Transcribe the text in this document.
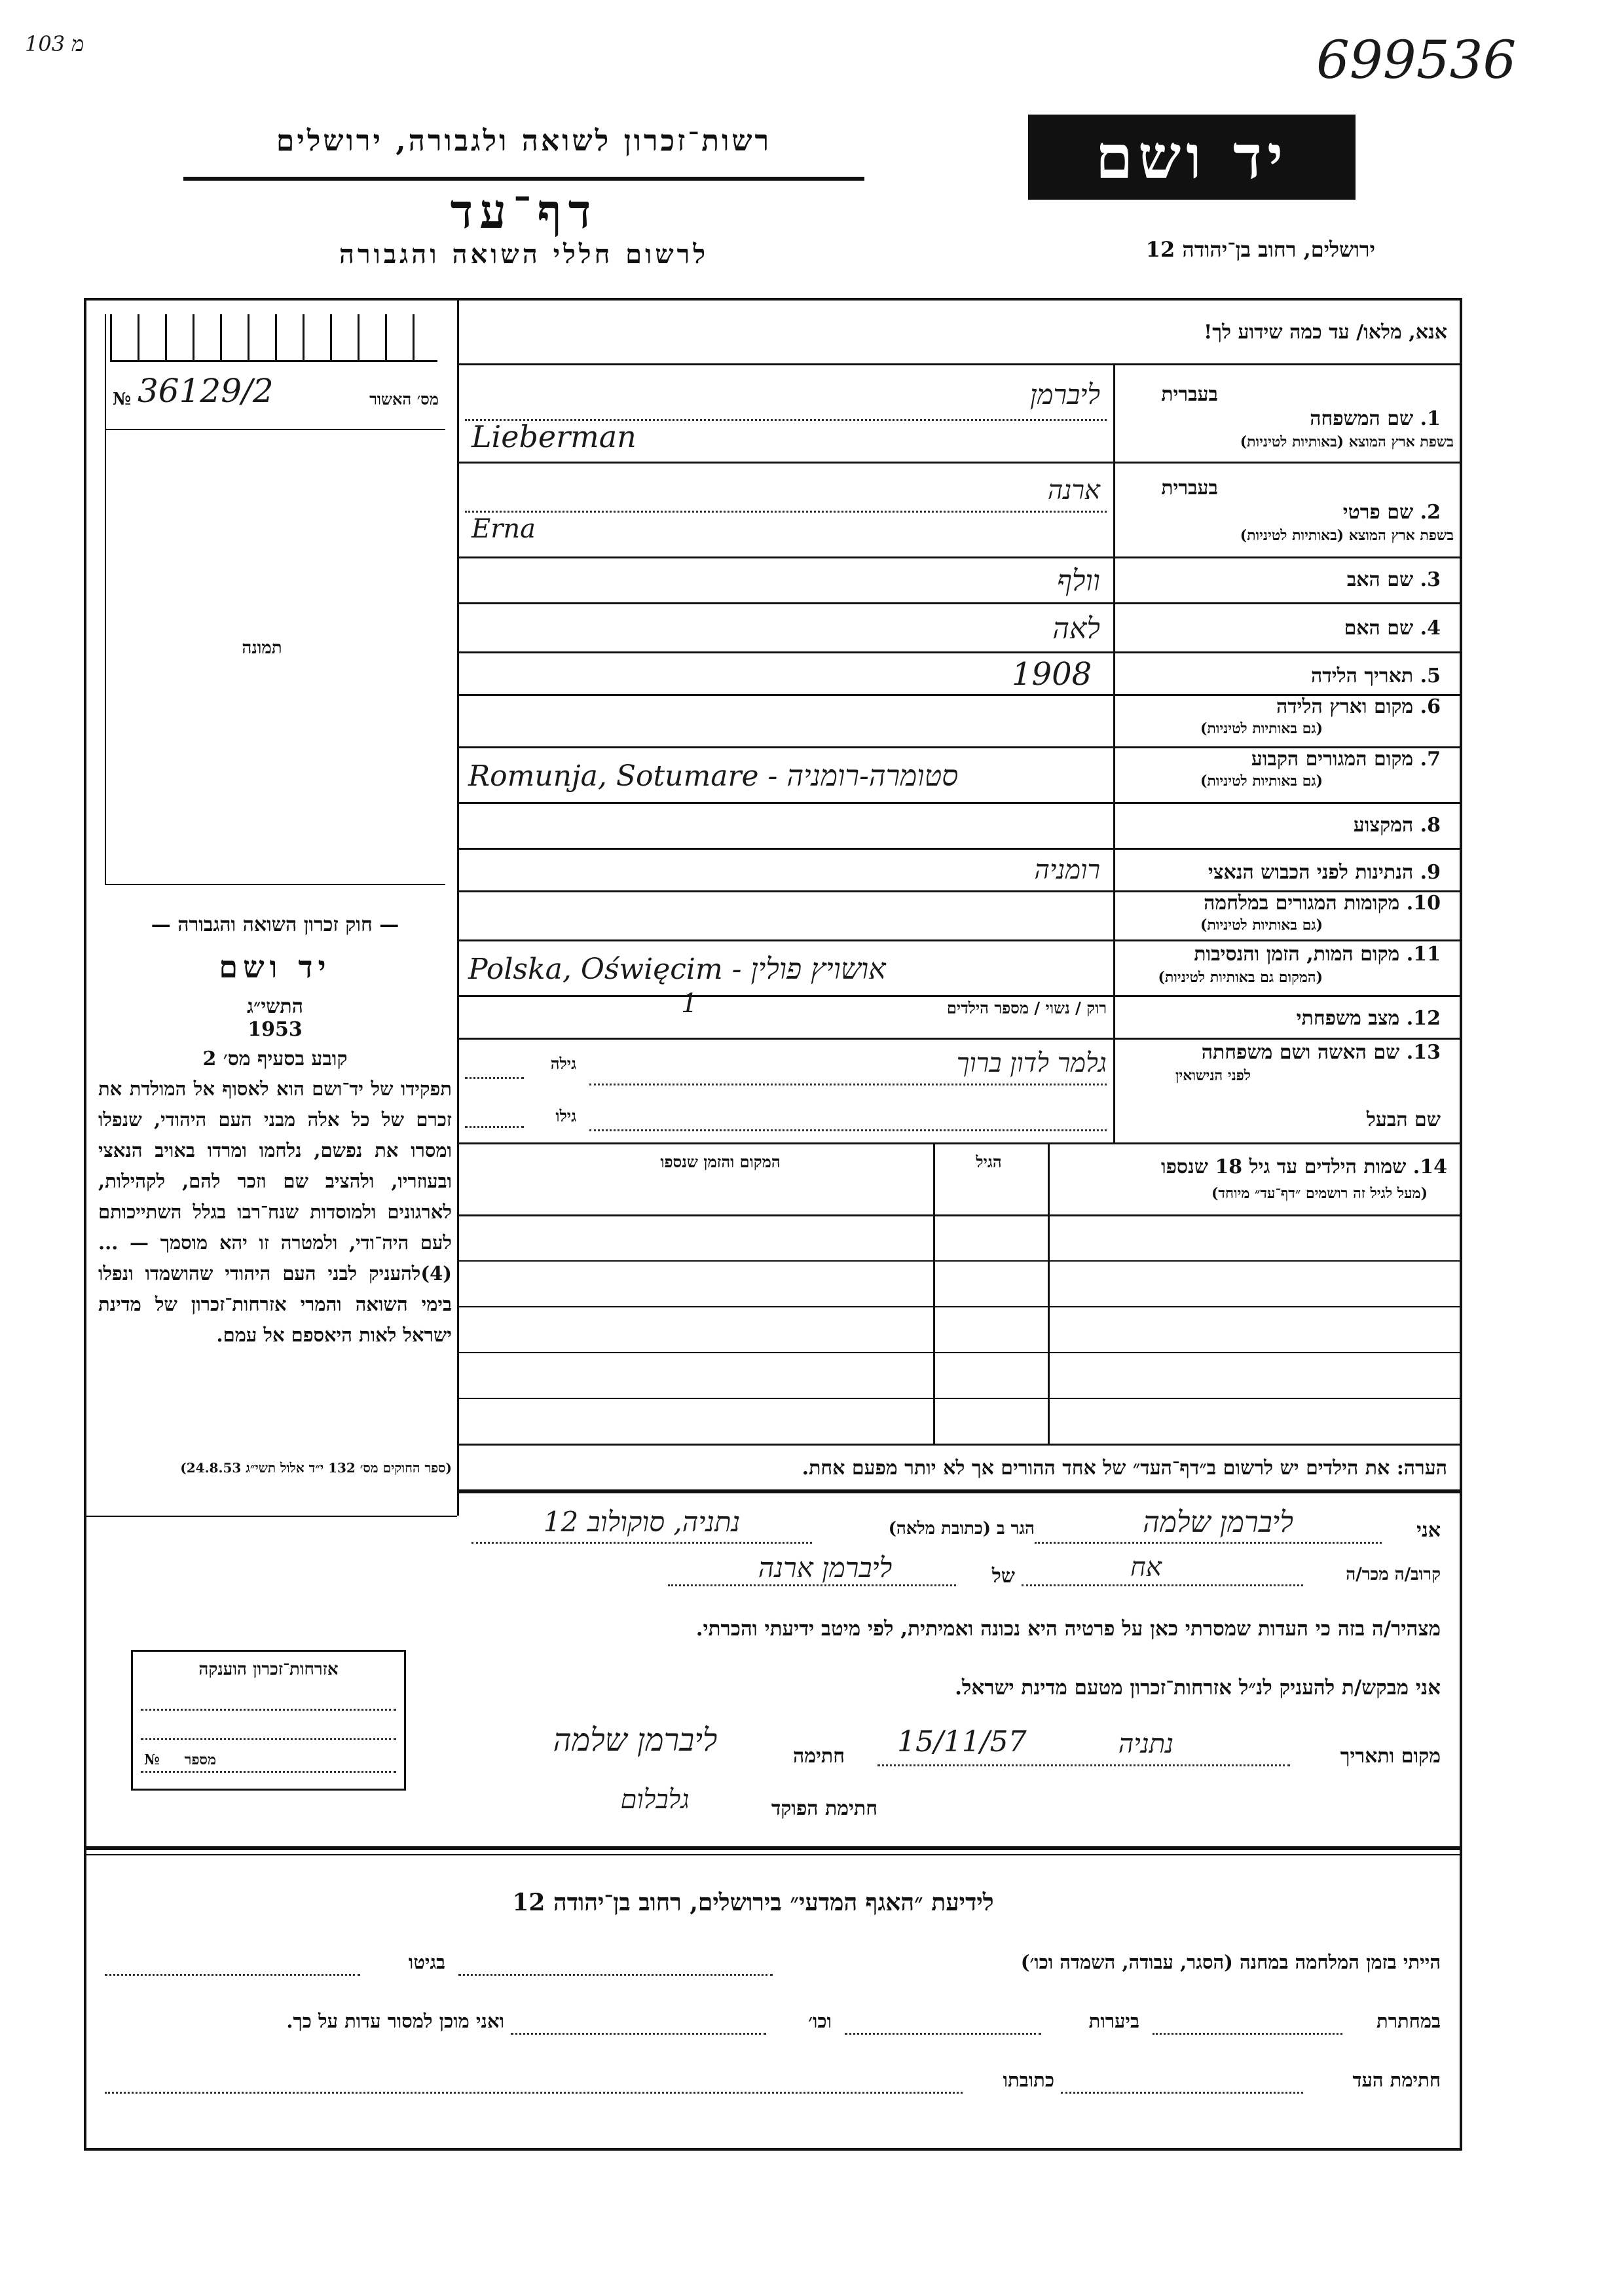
103 מ	699536
רשות־זכרון לשואה ולגבורה, ירושלים
דף־עד
לרשום חללי השואה והגבורה
יד ושם
ירושלים, רחוב בן־יהודה 12
מס׳ האשור
36129/2
№
תמונה
אנא, מלאו/ עד כמה שידוע לך!
בעברית
1. שם המשפחה
בשפת ארץ המוצא (באותיות לטיניות)
ליברמן
Lieberman
בעברית
2. שם פרטי
בשפת ארץ המוצא (באותיות לטיניות)
ארנה
Erna
3. שם האב
וולף
4. שם האם
לאה
5. תאריך הלידה
1908
6. מקום וארץ הלידה
(גם באותיות לטיניות)
7. מקום המגורים הקבוע
(גם באותיות לטיניות)
Romunja, Sotumare - סטומרה-רומניה
8. המקצוע
9. הנתינות לפני הכבוש הנאצי
רומניה
10. מקומות המגורים במלחמה
(גם באותיות לטיניות)
11. מקום המות, הזמן והנסיבות
(המקום גם באותיות לטיניות)
Polska, Oświęcim - אושויץ פולין
12. מצב משפחתי
רוק / נשוי / מספר הילדים
1
13. שם האשה ושם משפחתה
לפני הנישואין
גילה	גלמר לדון ברוך
שם הבעל
גילו
14. שמות הילדים עד גיל 18 שנספו
(מעל לגיל זה רושמים ״דף־עד״ מיוחד)
הגיל
המקום והזמן שנספו
הערה: את הילדים יש לרשום ב״דף־העד״ של אחד ההורים אך לא יותר מפעם אחת.
— חוק זכרון השואה והגבורה —
יד ושם
התשי״ג
1953
קובע בסעיף מס׳ 2
תפקידו של יד־ושם הוא לאסוף אל המולדת את זכרם של כל אלה מבני העם היהודי, שנפלו ומסרו את נפשם, נלחמו ומרדו באויב הנאצי ובעוזריו, ולהציב שם וזכר להם, לקהילות, לארגונים ולמוסדות שנח־רבו בגלל השתייכותם לעם היה־ודי, ולמטרה זו יהא מוסמך — ...(4)להעניק לבני העם היהודי שהושמדו ונפלו בימי השואה והמרי אזרחות־זכרון של מדינת ישראל לאות היאספם אל עמם.
(ספר החוקים מס׳ 132 י״ד אלול תשי״ג 24.8.53)
אזרחות־זכרון הוענקה
מספר
№
אני
ליברמן שלמה
הגר ב (כתובת מלאה)
נתניה, סוקולוב 12
קרוב/ה מכר/ה
אח
של
ליברמן ארנה
מצהיר/ה בזה כי העדות שמסרתי כאן על פרטיה היא נכונה ואמיתית, לפי מיטב ידיעתי והכרתי.
אני מבקש/ת להעניק לנ״ל אזרחות־זכרון מטעם מדינת ישראל.
מקום ותאריך
נתניה
15/11/57
חתימה
ליברמן שלמה
חתימת הפוקד
גלבלום
לידיעת ״האגף המדעי״ בירושלים, רחוב בן־יהודה 12
הייתי בזמן המלחמה במחנה (הסגר, עבודה, השמדה וכו׳)
בגיטו
במחתרת
ביערות
וכו׳
ואני מוכן למסור עדות על כך.
חתימת העד
כתובתו
